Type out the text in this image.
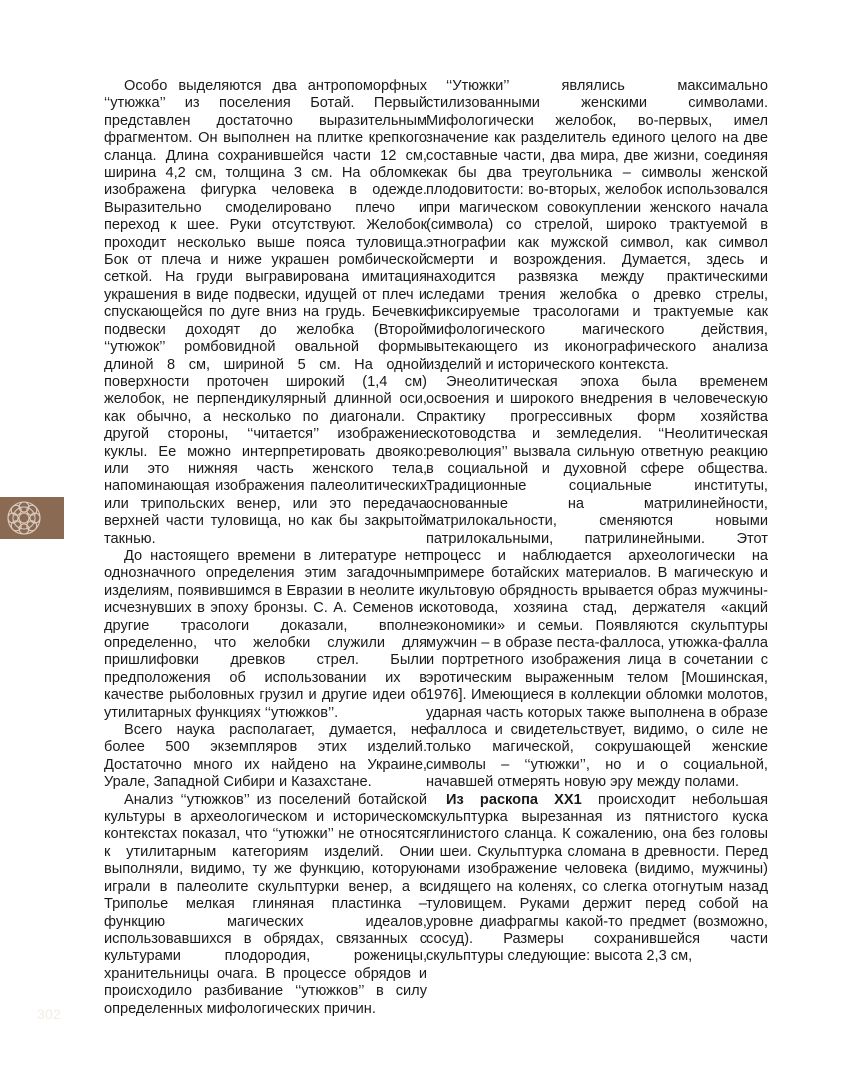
Особо выделяются два антропоморфных ‘‘утюжка’’ из поселения Ботай. Первый представлен достаточно выразительным фрагментом. Он выполнен на плитке крепкого сланца. Длина сохранившейся части 12 см, ширина 4,2 см, толщина 3 см. На обломке изображена фигурка человека в одежде. Выразительно смоделировано плечо и переход к шее. Руки отсутствуют. Желобок проходит несколько выше пояса туловища. Бок от плеча и ниже украшен ромбической сеткой. На груди выгравирована имитация украшения в виде подвески, идущей от плеч и спускающейся по дуге вниз на грудь. Бечевки подвески доходят до желобка (Второй ‘‘утюжок’’ ромбовидной овальной формы длиной 8 см, шириной 5 см. На одной поверхности проточен широкий (1,4 см) желобок, не перпендикулярный длинной оси, как обычно, а несколько по диагонали. С другой стороны, ‘‘читается’’ изображение куклы. Ее можно интерпретировать двояко: или это нижняя часть женского тела, напоминающая изображения палеолитических или трипольских венер, или это передача верхней части туловища, но как бы закрытой такнью.

До настоящего времени в литературе нет однозначного определения этим загадочным изделиям, появившимся в Евразии в неолите и исчезнувших в эпоху бронзы. С. А. Семенов и другие трасологи доказали, вполне определенно, что желобки служили для пришлифовки древков стрел. Были предположения об использовании их в качестве рыболовных грузил и другие идеи об утилитарных функциях ‘‘утюжков’’.

Всего наука располагает, думается, не более 500 экземпляров этих изделий. Достаточно много их найдено на Украине, Урале, Западной Сибири и Казахстане.

Анализ ‘‘утюжков’’ из поселений ботайской культуры в археологическом и историческом контекстах показал, что ‘‘утюжки’’ не относятся к утилитарным категориям изделий. Они выполняли, видимо, ту же функцию, которую играли в палеолите скульптурки венер, а в Триполье мелкая глиняная пластинка – функцию магических идеалов, использовавшихся в обрядах, связанных с культурами плодородия, роженицы, хранительницы очага. В процессе обрядов и происходило разбивание ‘‘утюжков’’ в силу определенных мифологических причин.

‘‘Утюжки’’ являлись максимально стилизованными женскими символами. Мифологически желобок, во-первых, имел значение как разделитель единого целого на две составные части, два мира, две жизни, соединяя как бы два треугольника – символы женской плодовитости: во-вторых, желобок использовался при магическом совокуплении женского начала (символа) со стрелой, широко трактуемой в этнографии как мужской символ, как символ смерти и возрождения. Думается, здесь и находится развязка между практическими следами трения желобка о древко стрелы, фиксируемые трасологами и трактуемые как мифологического магического действия, вытекающего из иконографического анализа изделий и исторического контекста.

Энеолитическая эпоха была временем освоения и широкого внедрения в человеческую практику прогрессивных форм хозяйства скотоводства и земледелия. ‘‘Неолитическая революция’’ вызвала сильную ответную реакцию в социальной и духовной сфере общества. Традиционные социальные институты, основанные на матрилинейности, матрилокальности, сменяются новыми патрилокальными, патрилинейными. Этот процесс и наблюдается археологически на примере ботайских материалов. В магическую и культовую обрядность врывается образ мужчины-скотовода, хозяина стад, держателя «акций экономики» и семьи. Появляются скульптуры мужчин – в образе песта-фаллоса, утюжка-фалла и портретного изображения лица в сочетании с эротическим выраженным телом [Мошинская, 1976]. Имеющиеся в коллекции обломки молотов, ударная часть которых также выполнена в образе фаллоса и свидетельствует, видимо, о силе не только магической, сокрушающей женские символы – ‘‘утюжки’’, но и о социальной, начавшей отмерять новую эру между полами.

Из раскопа XX1 происходит небольшая скульптурка вырезанная из пятнистого куска глинистого сланца. К сожалению, она без головы и шеи. Скульптурка сломана в древности. Перед нами изображение человека (видимо, мужчины) сидящего на коленях, со слегка отогнутым назад туловищем. Руками держит перед собой на уровне диафрагмы какой-то предмет (возможно, сосуд). Размеры сохранившейся части скульптуры следующие: высота 2,3 см,

302
